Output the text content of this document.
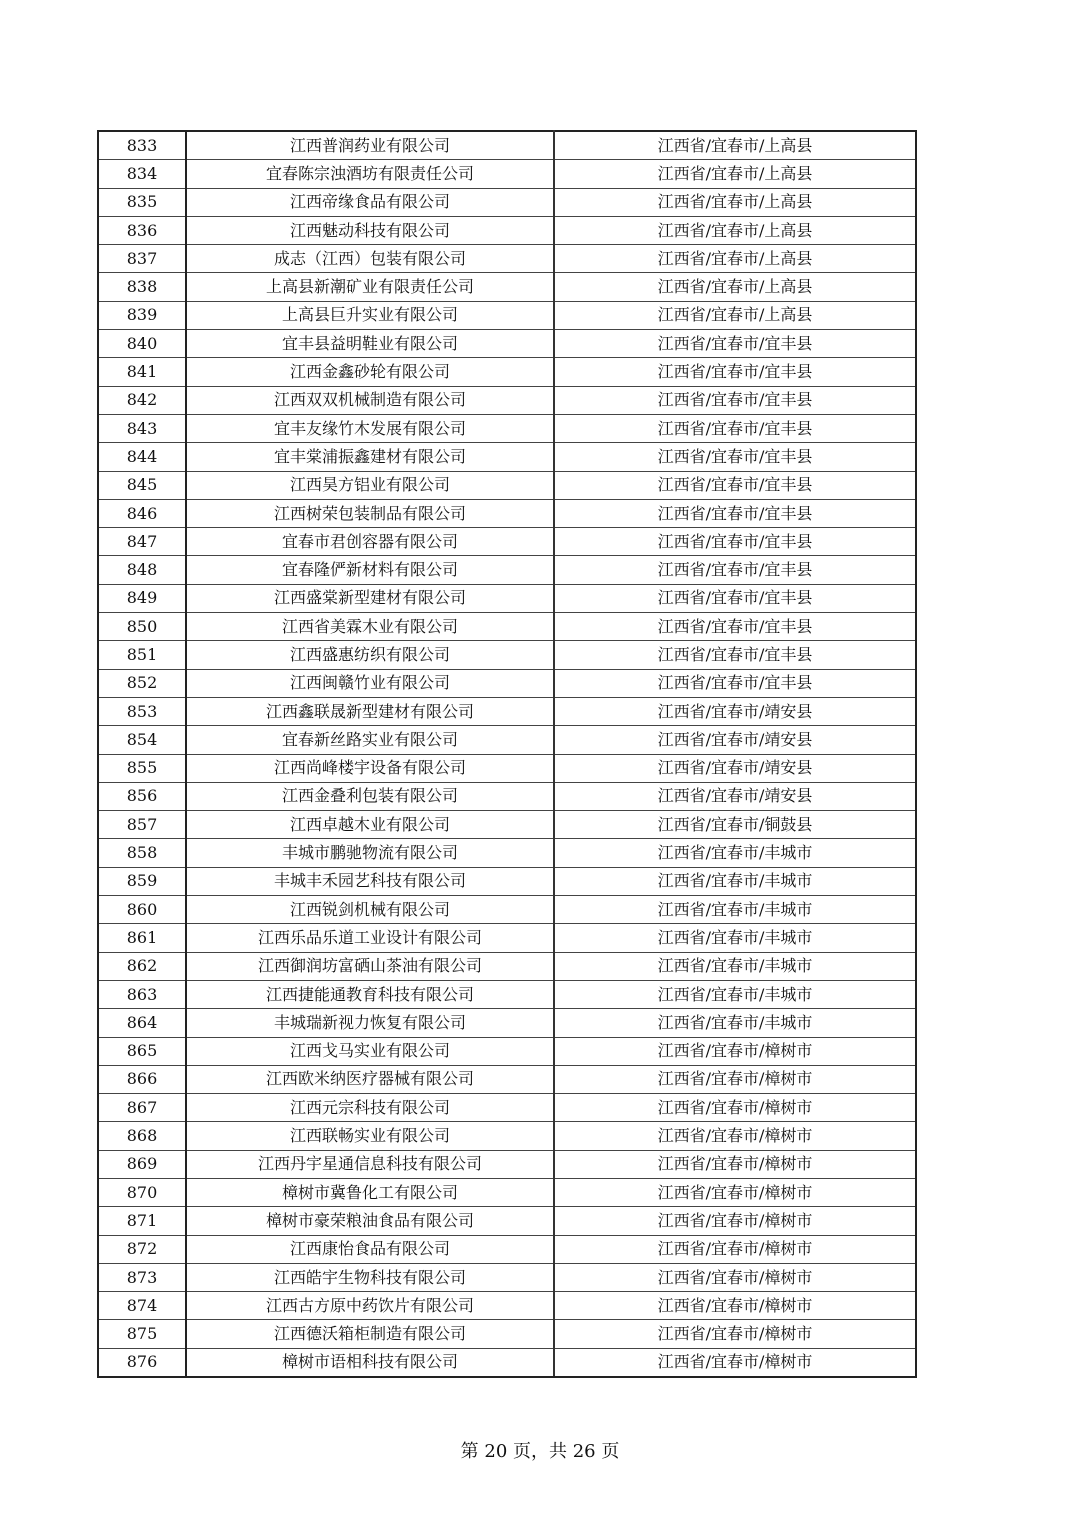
833	江西普润药业有限公司	江西省/宜春市/上高县
834	宜春陈宗浊酒坊有限责任公司	江西省/宜春市/上高县
835	江西帝缘食品有限公司	江西省/宜春市/上高县
836	江西魅动科技有限公司	江西省/宜春市/上高县
837	成志（江西）包装有限公司	江西省/宜春市/上高县
838	上高县新潮矿业有限责任公司	江西省/宜春市/上高县
839	上高县巨升实业有限公司	江西省/宜春市/上高县
840	宜丰县益明鞋业有限公司	江西省/宜春市/宜丰县
841	江西金鑫砂轮有限公司	江西省/宜春市/宜丰县
842	江西双双机械制造有限公司	江西省/宜春市/宜丰县
843	宜丰友缘竹木发展有限公司	江西省/宜春市/宜丰县
844	宜丰棠浦振鑫建材有限公司	江西省/宜春市/宜丰县
845	江西昊方铝业有限公司	江西省/宜春市/宜丰县
846	江西树荣包装制品有限公司	江西省/宜春市/宜丰县
847	宜春市君创容器有限公司	江西省/宜春市/宜丰县
848	宜春隆俨新材料有限公司	江西省/宜春市/宜丰县
849	江西盛棠新型建材有限公司	江西省/宜春市/宜丰县
850	江西省美霖木业有限公司	江西省/宜春市/宜丰县
851	江西盛惠纺织有限公司	江西省/宜春市/宜丰县
852	江西闽赣竹业有限公司	江西省/宜春市/宜丰县
853	江西鑫联晟新型建材有限公司	江西省/宜春市/靖安县
854	宜春新丝路实业有限公司	江西省/宜春市/靖安县
855	江西尚峰楼宇设备有限公司	江西省/宜春市/靖安县
856	江西金叠利包装有限公司	江西省/宜春市/靖安县
857	江西卓越木业有限公司	江西省/宜春市/铜鼓县
858	丰城市鹏驰物流有限公司	江西省/宜春市/丰城市
859	丰城丰禾园艺科技有限公司	江西省/宜春市/丰城市
860	江西锐剑机械有限公司	江西省/宜春市/丰城市
861	江西乐品乐道工业设计有限公司	江西省/宜春市/丰城市
862	江西御润坊富硒山茶油有限公司	江西省/宜春市/丰城市
863	江西捷能通教育科技有限公司	江西省/宜春市/丰城市
864	丰城瑞新视力恢复有限公司	江西省/宜春市/丰城市
865	江西戈马实业有限公司	江西省/宜春市/樟树市
866	江西欧米纳医疗器械有限公司	江西省/宜春市/樟树市
867	江西元宗科技有限公司	江西省/宜春市/樟树市
868	江西联畅实业有限公司	江西省/宜春市/樟树市
869	江西丹宇星通信息科技有限公司	江西省/宜春市/樟树市
870	樟树市冀鲁化工有限公司	江西省/宜春市/樟树市
871	樟树市豪荣粮油食品有限公司	江西省/宜春市/樟树市
872	江西康怡食品有限公司	江西省/宜春市/樟树市
873	江西皓宇生物科技有限公司	江西省/宜春市/樟树市
874	江西古方原中药饮片有限公司	江西省/宜春市/樟树市
875	江西德沃箱柜制造有限公司	江西省/宜春市/樟树市
876	樟树市语相科技有限公司	江西省/宜春市/樟树市
第 20 页，共 26 页
